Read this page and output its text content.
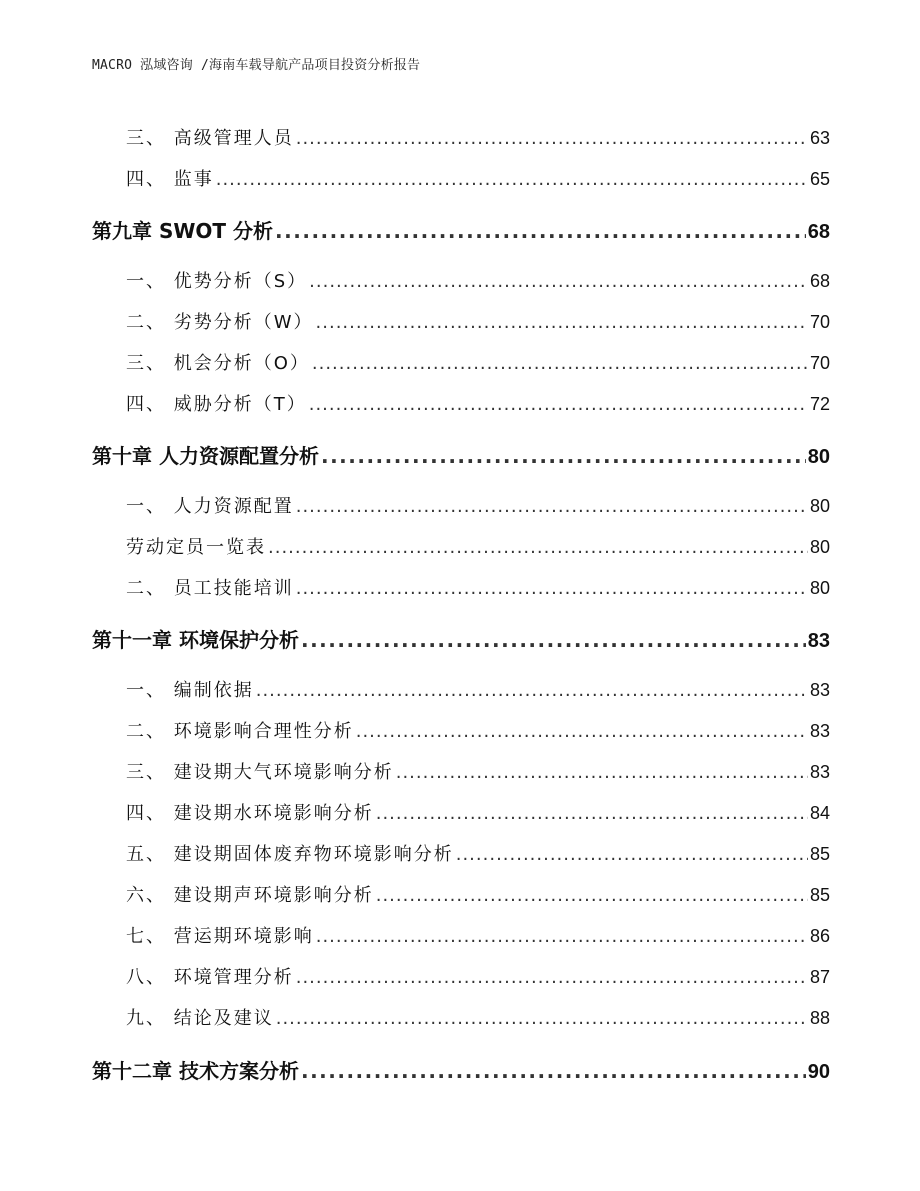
MACRO 泓域咨询 /海南车载导航产品项目投资分析报告
三、 高级管理人员 .....	63
四、 监事 .....	65
第九章 SWOT 分析 .....	68
一、 优势分析（S） .....	68
二、 劣势分析（W） .....	70
三、 机会分析（O） .....	70
四、 威胁分析（T） .....	72
第十章 人力资源配置分析 .....	80
一、 人力资源配置 .....	80
劳动定员一览表 .....	80
二、 员工技能培训 .....	80
第十一章 环境保护分析 .....	83
一、 编制依据 .....	83
二、 环境影响合理性分析 .....	83
三、 建设期大气环境影响分析 .....	83
四、 建设期水环境影响分析 .....	84
五、 建设期固体废弃物环境影响分析 .....	85
六、 建设期声环境影响分析 .....	85
七、 营运期环境影响 .....	86
八、 环境管理分析 .....	87
九、 结论及建议 .....	88
第十二章 技术方案分析 .....	90
